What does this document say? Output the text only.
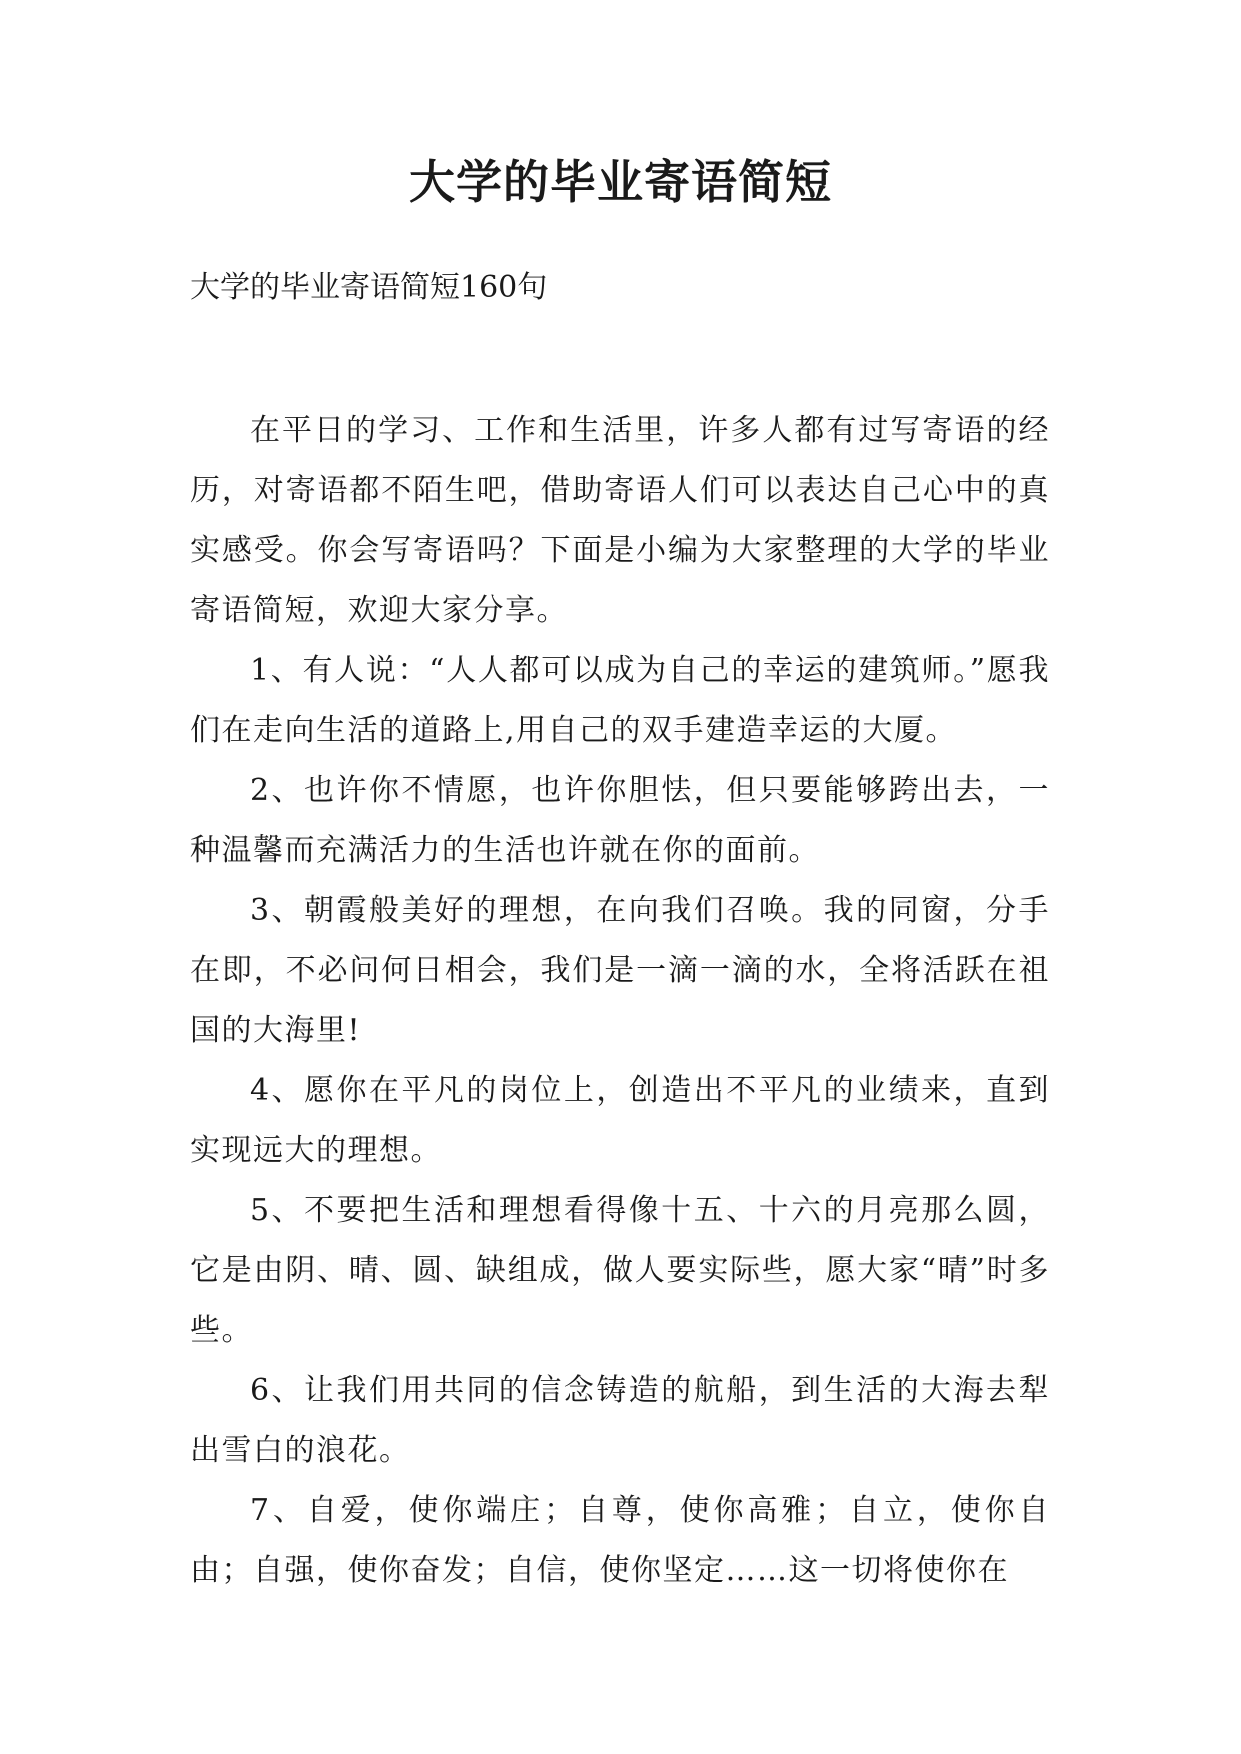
大学的毕业寄语简短
大学的毕业寄语简短160句

在平日的学习、工作和生活里，许多人都有过写寄语的经历，对寄语都不陌生吧，借助寄语人们可以表达自己心中的真实感受。你会写寄语吗？下面是小编为大家整理的大学的毕业寄语简短，欢迎大家分享。

1、有人说：“人人都可以成为自己的幸运的建筑师。”愿我们在走向生活的道路上,用自己的双手建造幸运的大厦。

2、也许你不情愿，也许你胆怯，但只要能够跨出去，一种温馨而充满活力的生活也许就在你的面前。

3、朝霞般美好的理想，在向我们召唤。我的同窗，分手在即，不必问何日相会，我们是一滴一滴的水，全将活跃在祖国的大海里!

4、愿你在平凡的岗位上，创造出不平凡的业绩来，直到实现远大的理想。

5、不要把生活和理想看得像十五、十六的月亮那么圆，它是由阴、晴、圆、缺组成，做人要实际些，愿大家“晴”时多些。

6、让我们用共同的信念铸造的航船，到生活的大海去犁出雪白的浪花。

7、自爱，使你端庄；自尊，使你高雅；自立，使你自由；自强，使你奋发；自信，使你坚定……这一切将使你在
